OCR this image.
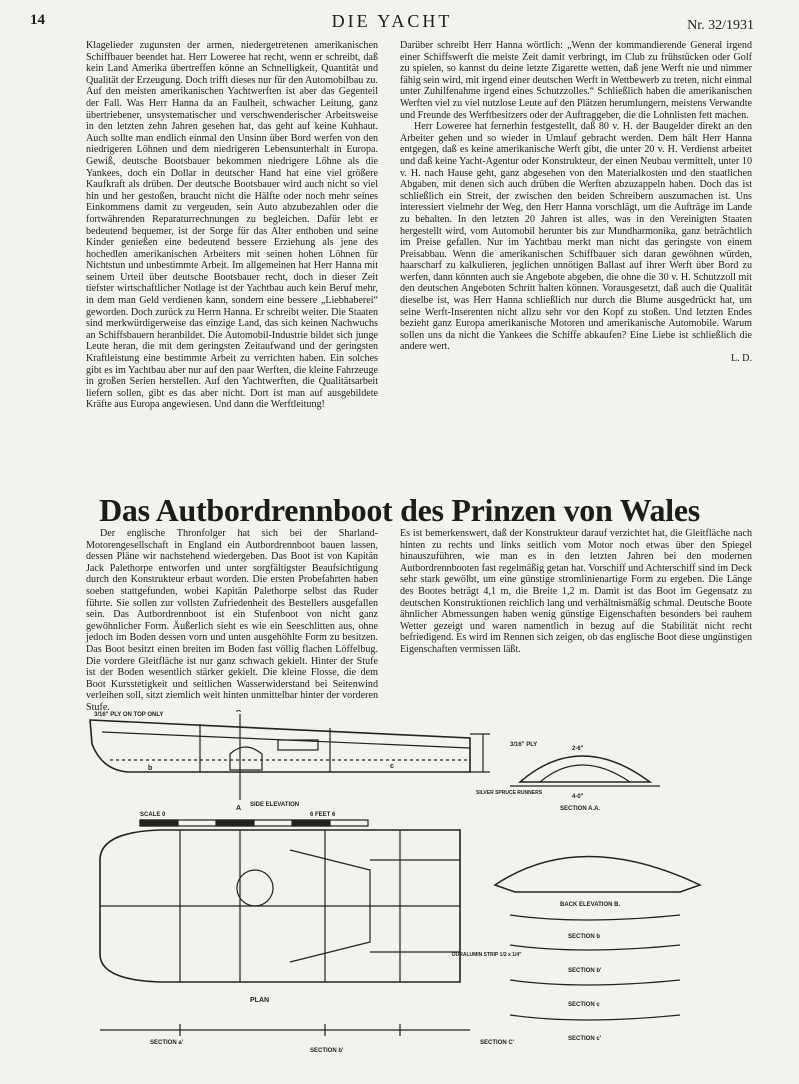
14	DIE YACHT	Nr. 32/1931

Klagelieder zugunsten der armen, niedergetretenen amerikanischen Schiffbauer beendet hat. Herr Loweree hat recht, wenn er schreibt, daß kein Land Amerika übertreffen könne an Schnelligkeit, Quantität und Qualität der Erzeugung. Doch trifft dieses nur für den Automobilbau zu. Auf den meisten amerikanischen Yachtwerften ist aber das Gegenteil der Fall. Was Herr Hanna da an Faulheit, schwacher Leitung, ganz übertriebener, unsystematischer und verschwenderischer Arbeitsweise in den letzten zehn Jahren gesehen hat, das geht auf keine Kuhhaut. Auch sollte man endlich einmal den Unsinn über Bord werfen von den niedrigeren Löhnen und dem niedrigeren Lebensunterhalt in Europa. Gewiß, deutsche Bootsbauer bekommen niedrigere Löhne als die Yankees, doch ein Dollar in deutscher Hand hat eine viel größere Kaufkraft als drüben. Der deutsche Bootsbauer wird auch nicht so viel hin und her gestoßen, braucht nicht die Hälfte oder noch mehr seines Einkommens damit zu vergeuden, sein Auto abzubezahlen oder die fortwährenden Reparaturrechnungen zu begleichen. Dafür lebt er bedeutend bequemer, ist der Sorge für das Alter enthoben und seine Kinder genießen eine bedeutend bessere Erziehung als jene des hochedlen amerikanischen Arbeiters mit seinen hohen Löhnen für Nichtstun und unbestimmte Arbeit. Im allgemeinen hat Herr Hanna mit seinem Urteil über deutsche Bootsbauer recht, doch in dieser Zeit tiefster wirtschaftlicher Notlage ist der Yachtbau auch kein Beruf mehr, in dem man Geld verdienen kann, sondern eine bessere „Liebhaberei“ geworden. Doch zurück zu Herrn Hanna. Er schreibt weiter. Die Staaten sind merkwürdigerweise das einzige Land, das sich keinen Nachwuchs an Schiffsbauern heranbildet. Die Automobil-Industrie bildet sich junge Leute heran, die mit dem geringsten Zeitaufwand und der geringsten Kraftleistung eine bestimmte Arbeit zu verrichten haben. Ein solches gibt es im Yachtbau aber nur auf den paar Werften, die kleine Fahrzeuge in großen Serien herstellen. Auf den Yachtwerften, die Qualitätsarbeit liefern sollen, gibt es das aber nicht. Dort ist man auf ausgebildete Kräfte aus Europa angewiesen. Und dann die Werftleitung!

Darüber schreibt Herr Hanna wörtlich: „Wenn der kommandierende General irgend einer Schiffswerft die meiste Zeit damit verbringt, im Club zu frühstücken oder Golf zu spielen, so kannst du deine letzte Zigarette wetten, daß jene Werft nie und nimmer fähig sein wird, mit irgend einer deutschen Werft in Wettbewerb zu treten, nicht einmal unter Zuhilfenahme irgend eines Schutzzolles.“ Schließlich haben die amerikanischen Werften viel zu viel nutzlose Leute auf den Plätzen herumlungern, meistens Verwandte und Freunde des Werftbesitzers oder der Auftraggeber, die die Lohnlisten fett machen.

Herr Loweree hat fernerhin festgestellt, daß 80 v. H. der Baugelder direkt an den Arbeiter gehen und so wieder in Umlauf gebracht werden. Dem hält Herr Hanna entgegen, daß es keine amerikanische Werft gibt, die unter 20 v. H. Verdienst arbeitet und daß keine Yacht-Agentur oder Konstrukteur, der einen Neubau vermittelt, unter 10 v. H. nach Hause geht, ganz abgesehen von den Materialkosten und den staatlichen Abgaben, mit denen sich auch drüben die Werften abzuzappeln haben. Doch das ist schließlich ein Streit, der zwischen den beiden Schreibern auszumachen ist. Uns interessiert vielmehr der Weg, den Herr Hanna vorschlägt, um die Aufträge im Lande zu behalten. In den letzten 20 Jahren ist alles, was in den Vereinigten Staaten hergestellt wird, vom Automobil herunter bis zur Mundharmonika, ganz beträchtlich im Preise gefallen. Nur im Yachtbau merkt man nicht das geringste von einem Preisabbau. Wenn die amerikanischen Schiffbauer sich daran gewöhnen würden, haarscharf zu kalkulieren, jeglichen unnötigen Ballast auf ihrer Werft über Bord zu werfen, dann könnten auch sie Angebote abgeben, die ohne die 30 v. H. Schutzzoll mit den deutschen Angeboten Schritt halten können. Vorausgesetzt, daß auch die Qualität dieselbe ist, was Herr Hanna schließlich nur durch die Blume ausgedrückt hat, um seine Werft-Inserenten nicht allzu sehr vor den Kopf zu stoßen. Und letzten Endes bezieht ganz Europa amerikanische Motoren und amerikanische Automobile. Warum sollen uns da nicht die Yankees die Schiffe abkaufen? Eine Liebe ist schließlich die andere wert.

L. D.
Das Autbordrennboot des Prinzen von Wales

Der englische Thronfolger hat sich bei der Sharland-Motorengesellschaft in England ein Autbordrennboot bauen lassen, dessen Pläne wir nachstehend wiedergeben. Das Boot ist von Kapitän Jack Palethorpe entworfen und unter sorgfältigster Beaufsichtigung durch den Konstrukteur erbaut worden. Die ersten Probefahrten haben soeben stattgefunden, wobei Kapitän Palethorpe selbst das Ruder führte. Sie sollen zur vollsten Zufriedenheit des Bestellers ausgefallen sein. Das Autbordrennboot ist ein Stufenboot von nicht ganz gewöhnlicher Form. Äußerlich sieht es wie ein Seeschlitten aus, ohne jedoch im Boden dessen vorn und unten ausgehöhlte Form zu besitzen. Das Boot besitzt einen breiten im Boden fast völlig flachen Löffelbug. Die vordere Gleitfläche ist nur ganz schwach gekielt. Hinter der Stufe ist der Boden wesentlich stärker gekielt. Die kleine Flosse, die dem Boot Kursstetigkeit und seitlichen Wasserwiderstand bei Seitenwind verleihen soll, sitzt ziemlich weit hinten unmittelbar hinter der vorderen Stufe.

Es ist bemerkenswert, daß der Konstrukteur darauf verzichtet hat, die Gleitfläche nach hinten zu rechts und links seitlich vom Motor noch etwas über den Spiegel hinauszuführen, wie man es in den letzten Jahren bei den modernen Autbordrennbooten fast regelmäßig getan hat. Vorschiff und Achterschiff sind im Deck sehr stark gewölbt, um eine günstige stromlinienartige Form zu ergeben. Die Länge des Bootes beträgt 4,1 m, die Breite 1,2 m. Damit ist das Boot im Gegensatz zu deutschen Konstruktionen reichlich lang und verhältnismäßig schmal. Deutsche Boote ähnlicher Abmessungen haben wenig günstige Eigenschaften besonders bei rauhem Wetter gezeigt und waren namentlich in bezug auf die Stabilität nicht recht befriedigend. Es wird im Rennen sich zeigen, ob das englische Boot diese ungünstigen Eigenschaften vermissen läßt.

3/16" PLY ON TOP ONLY
A
A
b	c
SIDE ELEVATION
SILVER SPRUCE RUNNERS
SCALE 0	6 FEET 6
3/16" PLY
2-6"
4-0"
SECTION A.A.
BACK ELEVATION B.
SECTION b
SECTION b'
SECTION c
SECTION c'
DURALUMIN STRIP 1/2 x 1/4"
PLAN
SECTION a'
SECTION b'
SECTION C'
